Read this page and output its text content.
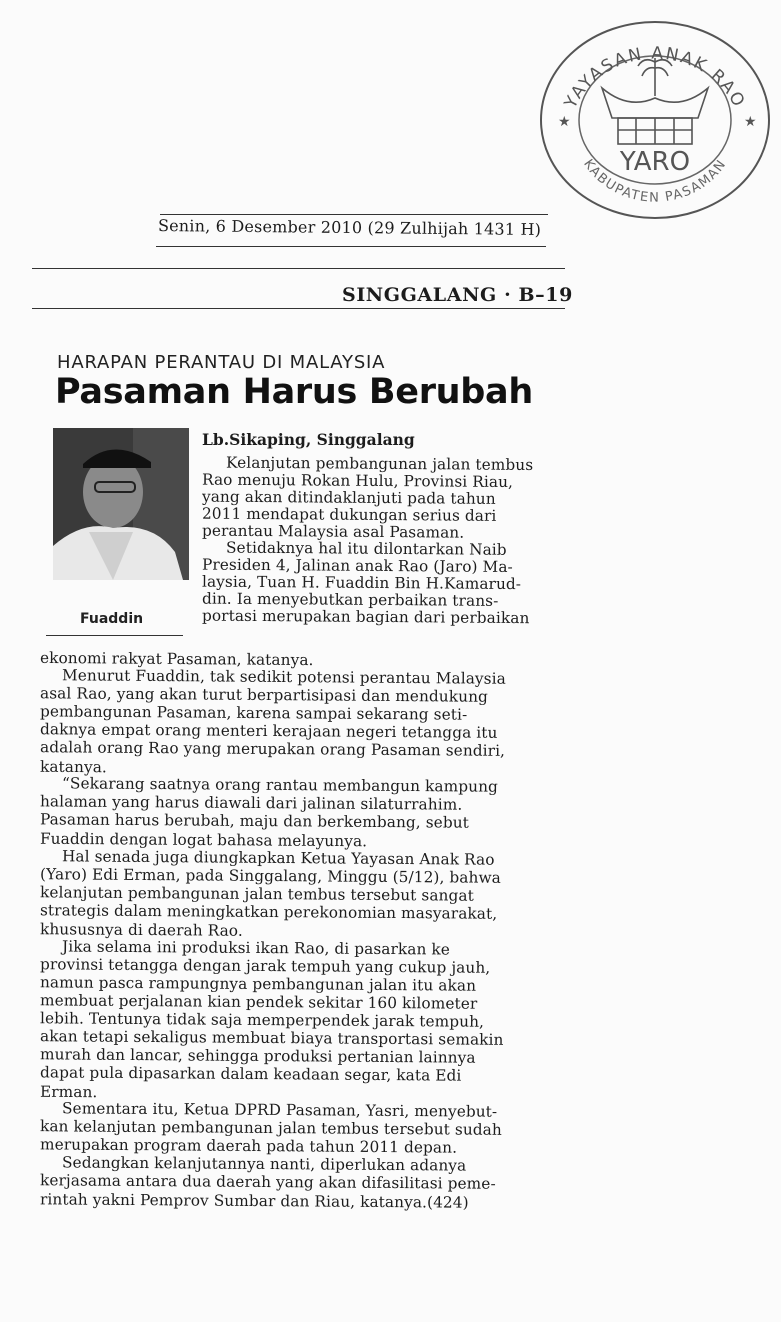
YAYASAN ANAK RAO
KABUPATEN PASAMAN
YARO
★	★
Senin, 6 Desember 2010 (29 Zulhijah 1431 H)
SINGGALANG · B–19
HARAPAN PERANTAU DI MALAYSIA
Pasaman Harus Berubah
Fuaddin
Lb.Sikaping, Singgalang
Kelanjutan pembangunan jalan tembus
Rao menuju Rokan Hulu, Provinsi Riau,
yang akan ditindaklanjuti pada tahun
2011 mendapat dukungan serius dari
perantau Malaysia asal Pasaman.
Setidaknya hal itu dilontarkan Naib
Presiden 4, Jalinan anak Rao (Jaro) Ma-
laysia, Tuan H. Fuaddin Bin H.Kamarud-
din. Ia menyebutkan perbaikan trans-
portasi merupakan bagian dari perbaikan
ekonomi rakyat Pasaman, katanya.
Menurut Fuaddin, tak sedikit potensi perantau Malaysia
asal Rao, yang akan turut berpartisipasi dan mendukung
pembangunan Pasaman, karena sampai sekarang seti-
daknya empat orang menteri kerajaan negeri tetangga itu
adalah orang Rao yang merupakan orang Pasaman sendiri,
katanya.
“Sekarang saatnya orang rantau membangun kampung
halaman yang harus diawali dari jalinan silaturrahim.
Pasaman harus berubah, maju dan berkembang, sebut
Fuaddin dengan logat bahasa melayunya.
Hal senada juga diungkapkan Ketua Yayasan Anak Rao
(Yaro) Edi Erman, pada Singgalang, Minggu (5/12), bahwa
kelanjutan pembangunan jalan tembus tersebut sangat
strategis dalam meningkatkan perekonomian masyarakat,
khususnya di daerah Rao.
Jika selama ini produksi ikan Rao, di pasarkan ke
provinsi tetangga dengan jarak tempuh yang cukup jauh,
namun pasca rampungnya pembangunan jalan itu akan
membuat perjalanan kian pendek sekitar 160 kilometer
lebih. Tentunya tidak saja memperpendek jarak tempuh,
akan tetapi sekaligus membuat biaya transportasi semakin
murah dan lancar, sehingga produksi pertanian lainnya
dapat pula dipasarkan dalam keadaan segar, kata Edi
Erman.
Sementara itu, Ketua DPRD Pasaman, Yasri, menyebut-
kan kelanjutan pembangunan jalan tembus tersebut sudah
merupakan program daerah pada tahun 2011 depan.
Sedangkan kelanjutannya nanti, diperlukan adanya
kerjasama antara dua daerah yang akan difasilitasi peme-
rintah yakni Pemprov Sumbar dan Riau, katanya.(424)
